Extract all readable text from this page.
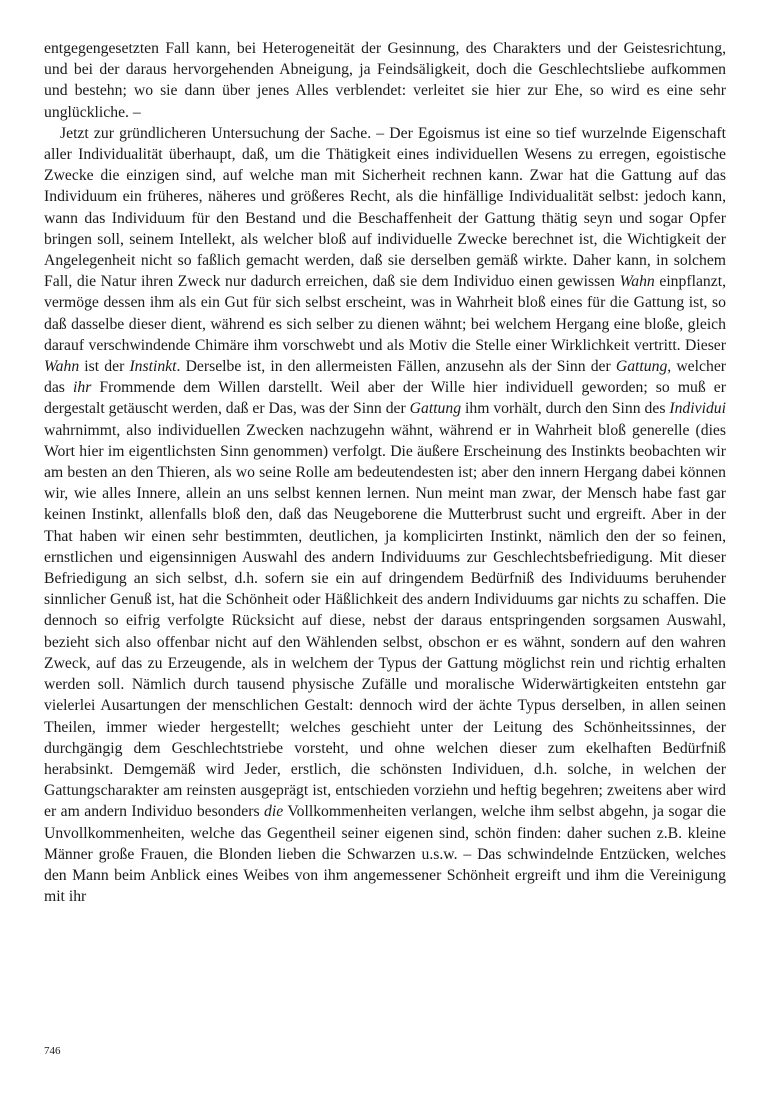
entgegengesetzten Fall kann, bei Heterogeneität der Gesinnung, des Charakters und der Geistesrichtung, und bei der daraus hervorgehenden Abneigung, ja Feindsäligkeit, doch die Geschlechtsliebe aufkommen und bestehn; wo sie dann über jenes Alles verblendet: verleitet sie hier zur Ehe, so wird es eine sehr unglückliche. –

Jetzt zur gründlicheren Untersuchung der Sache. – Der Egoismus ist eine so tief wurzelnde Eigenschaft aller Individualität überhaupt, daß, um die Thätigkeit eines individuellen Wesens zu erregen, egoistische Zwecke die einzigen sind, auf welche man mit Sicherheit rechnen kann. Zwar hat die Gattung auf das Individuum ein früheres, näheres und größeres Recht, als die hinfällige Individualität selbst: jedoch kann, wann das Individuum für den Bestand und die Beschaffenheit der Gattung thätig seyn und sogar Opfer bringen soll, seinem Intellekt, als welcher bloß auf individuelle Zwecke berechnet ist, die Wichtigkeit der Angelegenheit nicht so faßlich gemacht werden, daß sie derselben gemäß wirkte. Daher kann, in solchem Fall, die Natur ihren Zweck nur dadurch erreichen, daß sie dem Individuo einen gewissen Wahn einpflanzt, vermöge dessen ihm als ein Gut für sich selbst erscheint, was in Wahrheit bloß eines für die Gattung ist, so daß dasselbe dieser dient, während es sich selber zu dienen wähnt; bei welchem Hergang eine bloße, gleich darauf verschwindende Chimäre ihm vorschwebt und als Motiv die Stelle einer Wirklichkeit vertritt. Dieser Wahn ist der Instinkt. Derselbe ist, in den allermeisten Fällen, anzusehn als der Sinn der Gattung, welcher das ihr Frommende dem Willen darstellt. Weil aber der Wille hier individuell geworden; so muß er dergestalt getäuscht werden, daß er Das, was der Sinn der Gattung ihm vorhält, durch den Sinn des Individui wahrnimmt, also individuellen Zwecken nachzugehn wähnt, während er in Wahrheit bloß generelle (dies Wort hier im eigentlichsten Sinn genommen) verfolgt. Die äußere Erscheinung des Instinkts beobachten wir am besten an den Thieren, als wo seine Rolle am bedeutendesten ist; aber den innern Hergang dabei können wir, wie alles Innere, allein an uns selbst kennen lernen. Nun meint man zwar, der Mensch habe fast gar keinen Instinkt, allenfalls bloß den, daß das Neugeborene die Mutterbrust sucht und ergreift. Aber in der That haben wir einen sehr bestimmten, deutlichen, ja komplicirten Instinkt, nämlich den der so feinen, ernstlichen und eigensinnigen Auswahl des andern Individuums zur Geschlechtsbefriedigung. Mit dieser Befriedigung an sich selbst, d.h. sofern sie ein auf dringendem Bedürfniß des Individuums beruhender sinnlicher Genuß ist, hat die Schönheit oder Häßlichkeit des andern Individuums gar nichts zu schaffen. Die dennoch so eifrig verfolgte Rücksicht auf diese, nebst der daraus entspringenden sorgsamen Auswahl, bezieht sich also offenbar nicht auf den Wählenden selbst, obschon er es wähnt, sondern auf den wahren Zweck, auf das zu Erzeugende, als in welchem der Typus der Gattung möglichst rein und richtig erhalten werden soll. Nämlich durch tausend physische Zufälle und moralische Widerwärtigkeiten entstehn gar vielerlei Ausartungen der menschlichen Gestalt: dennoch wird der ächte Typus derselben, in allen seinen Theilen, immer wieder hergestellt; welches geschieht unter der Leitung des Schönheitssinnes, der durchgängig dem Geschlechtstriebe vorsteht, und ohne welchen dieser zum ekelhaften Bedürfniß herabsinkt. Demgemäß wird Jeder, erstlich, die schönsten Individuen, d.h. solche, in welchen der Gattungscharakter am reinsten ausgeprägt ist, entschieden vorziehn und heftig begehren; zweitens aber wird er am andern Individuo besonders die Vollkommenheiten verlangen, welche ihm selbst abgehn, ja sogar die Unvollkommenheiten, welche das Gegentheil seiner eigenen sind, schön finden: daher suchen z.B. kleine Männer große Frauen, die Blonden lieben die Schwarzen u.s.w. – Das schwindelnde Entzücken, welches den Mann beim Anblick eines Weibes von ihm angemessener Schönheit ergreift und ihm die Vereinigung mit ihr

746
